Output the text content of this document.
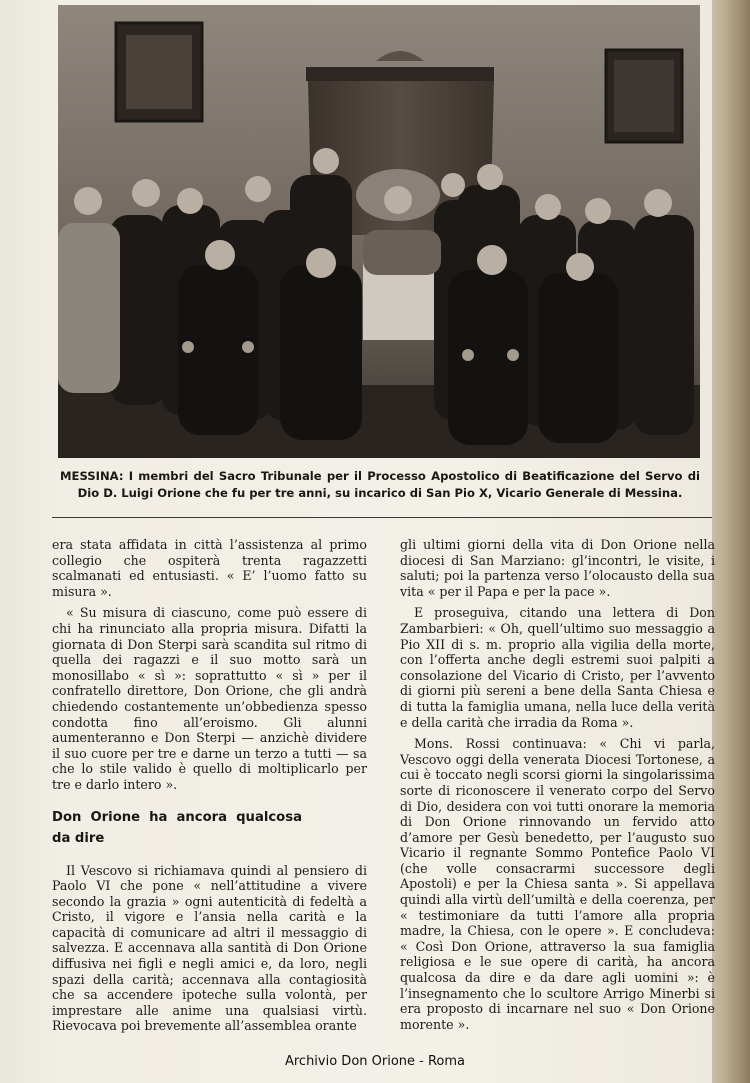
MESSINA: I membri del Sacro Tribunale per il Processo Apostolico di Beatificazione del Servo di Dio D. Luigi Orione che fu per tre anni, su incarico di San Pio X, Vicario Generale di Messina.

era stata affidata in città l’assistenza al primo collegio che ospiterà trenta ragazzetti scalmanati ed entusiasti. « E’ l’uomo fatto su misura ».

« Su misura di ciascuno, come può essere di chi ha rinunciato alla propria misura. Difatti la giornata di Don Sterpi sarà scandita sul ritmo di quella dei ragazzi e il suo motto sarà un monosillabo « sì »: soprattutto « sì » per il confratello direttore, Don Orione, che gli andrà chiedendo costantemente un’obbedienza spesso condotta fino all’eroismo. Gli alunni aumenteranno e Don Sterpi — anzichè dividere il suo cuore per tre e darne un terzo a tutti — sa che lo stile valido è quello di moltiplicarlo per tre e darlo intero ».

Don Orione ha ancora qualcosa da dire

Il Vescovo si richiamava quindi al pensiero di Paolo VI che pone « nell’attitudine a vivere secondo la grazia » ogni autenticità di fedeltà a Cristo, il vigore e l’ansia nella carità e la capacità di comunicare ad altri il messaggio di salvezza. E accennava alla santità di Don Orione diffusiva nei figli e negli amici e, da loro, negli spazi della carità; accennava alla contagiosità che sa accendere ipoteche sulla volontà, per imprestare alle anime una qualsiasi virtù. Rievocava poi brevemente all’assemblea orante

gli ultimi giorni della vita di Don Orione nella diocesi di San Marziano: gl’incontri, le visite, i saluti; poi la partenza verso l’olocausto della sua vita « per il Papa e per la pace ».

E proseguiva, citando una lettera di Don Zambarbieri: « Oh, quell’ultimo suo messaggio a Pio XII di s. m. proprio alla vigilia della morte, con l’offerta anche degli estremi suoi palpiti a consolazione del Vicario di Cristo, per l’avvento di giorni più sereni a bene della Santa Chiesa e di tutta la famiglia umana, nella luce della verità e della carità che irradia da Roma ».

Mons. Rossi continuava: « Chi vi parla, Vescovo oggi della venerata Diocesi Tortonese, a cui è toccato negli scorsi giorni la singolarissima sorte di riconoscere il venerato corpo del Servo di Dio, desidera con voi tutti onorare la memoria di Don Orione rinnovando un fervido atto d’amore per Gesù benedetto, per l’augusto suo Vicario il regnante Sommo Pontefice Paolo VI (che volle consacrarmi successore degli Apostoli) e per la Chiesa santa ». Si appellava quindi alla virtù dell’umiltà e della coerenza, per « testimoniare da tutti l’amore alla propria madre, la Chiesa, con le opere ». E concludeva: « Così Don Orione, attraverso la sua famiglia religiosa e le sue opere di carità, ha ancora qualcosa da dire e da dare agli uomini »: è l’insegnamento che lo scultore Arrigo Minerbi si era proposto di incarnare nel suo « Don Orione morente ».

Archivio Don Orione - Roma
